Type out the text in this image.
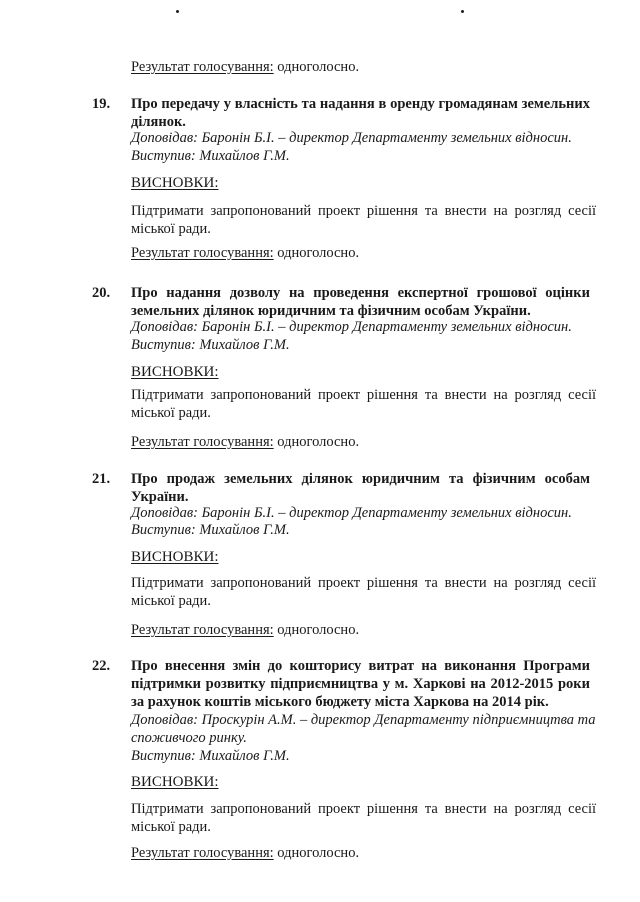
Результат голосування: одноголосно.
19. Про передачу у власність та надання в оренду громадянам земельних ділянок.
Доповідав: Баронін Б.І. – директор Департаменту земельних відносин.
Виступив: Михайлов Г.М.
ВИСНОВКИ:
Підтримати запропонований проект рішення та внести на розгляд сесії міської ради.
Результат голосування: одноголосно.
20. Про надання дозволу на проведення експертної грошової оцінки земельних ділянок юридичним та фізичним особам України.
Доповідав: Баронін Б.І. – директор Департаменту земельних відносин.
Виступив: Михайлов Г.М.
ВИСНОВКИ:
Підтримати запропонований проект рішення та внести на розгляд сесії міської ради.
Результат голосування: одноголосно.
21. Про продаж земельних ділянок юридичним та фізичним особам України.
Доповідав: Баронін Б.І. – директор Департаменту земельних відносин.
Виступив: Михайлов Г.М.
ВИСНОВКИ:
Підтримати запропонований проект рішення та внести на розгляд сесії міської ради.
Результат голосування: одноголосно.
22. Про внесення змін до кошторису витрат на виконання Програми підтримки розвитку підприємництва у м. Харкові на 2012-2015 роки за рахунок коштів міського бюджету міста Харкова на 2014 рік.
Доповідав: Проскурін А.М. – директор Департаменту підприємництва та споживчого ринку.
Виступив: Михайлов Г.М.
ВИСНОВКИ:
Підтримати запропонований проект рішення та внести на розгляд сесії міської ради.
Результат голосування: одноголосно.
